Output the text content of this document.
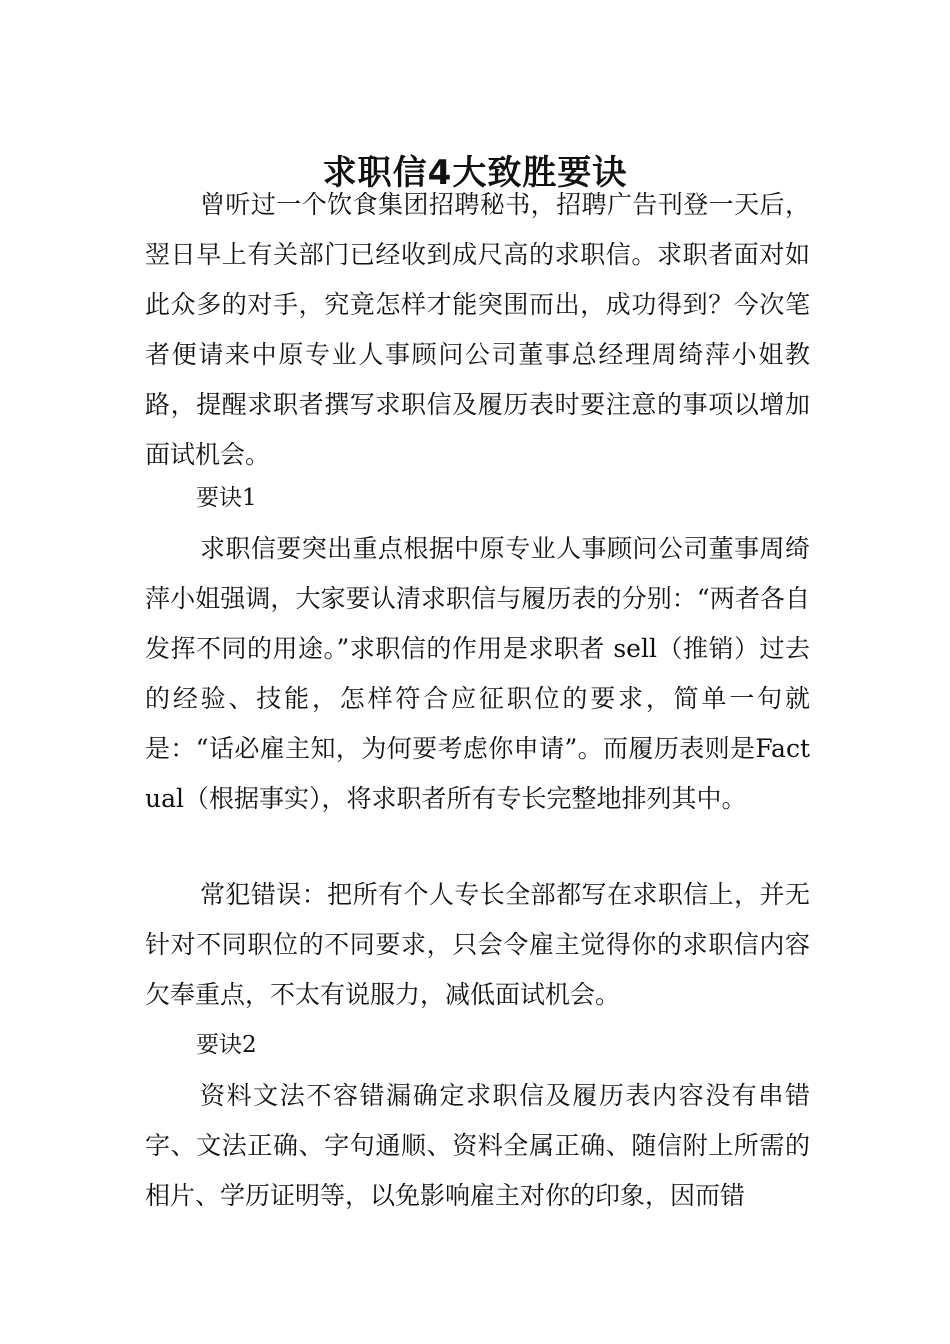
求职信4大致胜要诀

曾听过一个饮食集团招聘秘书，招聘广告刊登一天后，翌日早上有关部门已经收到成尺高的求职信。求职者面对如此众多的对手，究竟怎样才能突围而出，成功得到？今次笔者便请来中原专业人事顾问公司董事总经理周绮萍小姐教路，提醒求职者撰写求职信及履历表时要注意的事项以增加面试机会。

要诀1

求职信要突出重点根据中原专业人事顾问公司董事周绮萍小姐强调，大家要认清求职信与履历表的分别：“两者各自发挥不同的用途。”求职信的作用是求职者 sell（推销）过去的经验、技能，怎样符合应征职位的要求，简单一句就是：“话必雇主知，为何要考虑你申请”。而履历表则是Factual（根据事实），将求职者所有专长完整地排列其中。

常犯错误：把所有个人专长全部都写在求职信上，并无针对不同职位的不同要求，只会令雇主觉得你的求职信内容欠奉重点，不太有说服力，减低面试机会。

要诀2

资料文法不容错漏确定求职信及履历表内容没有串错字、文法正确、字句通顺、资料全属正确、随信附上所需的相片、学历证明等，以免影响雇主对你的印象，因而错
